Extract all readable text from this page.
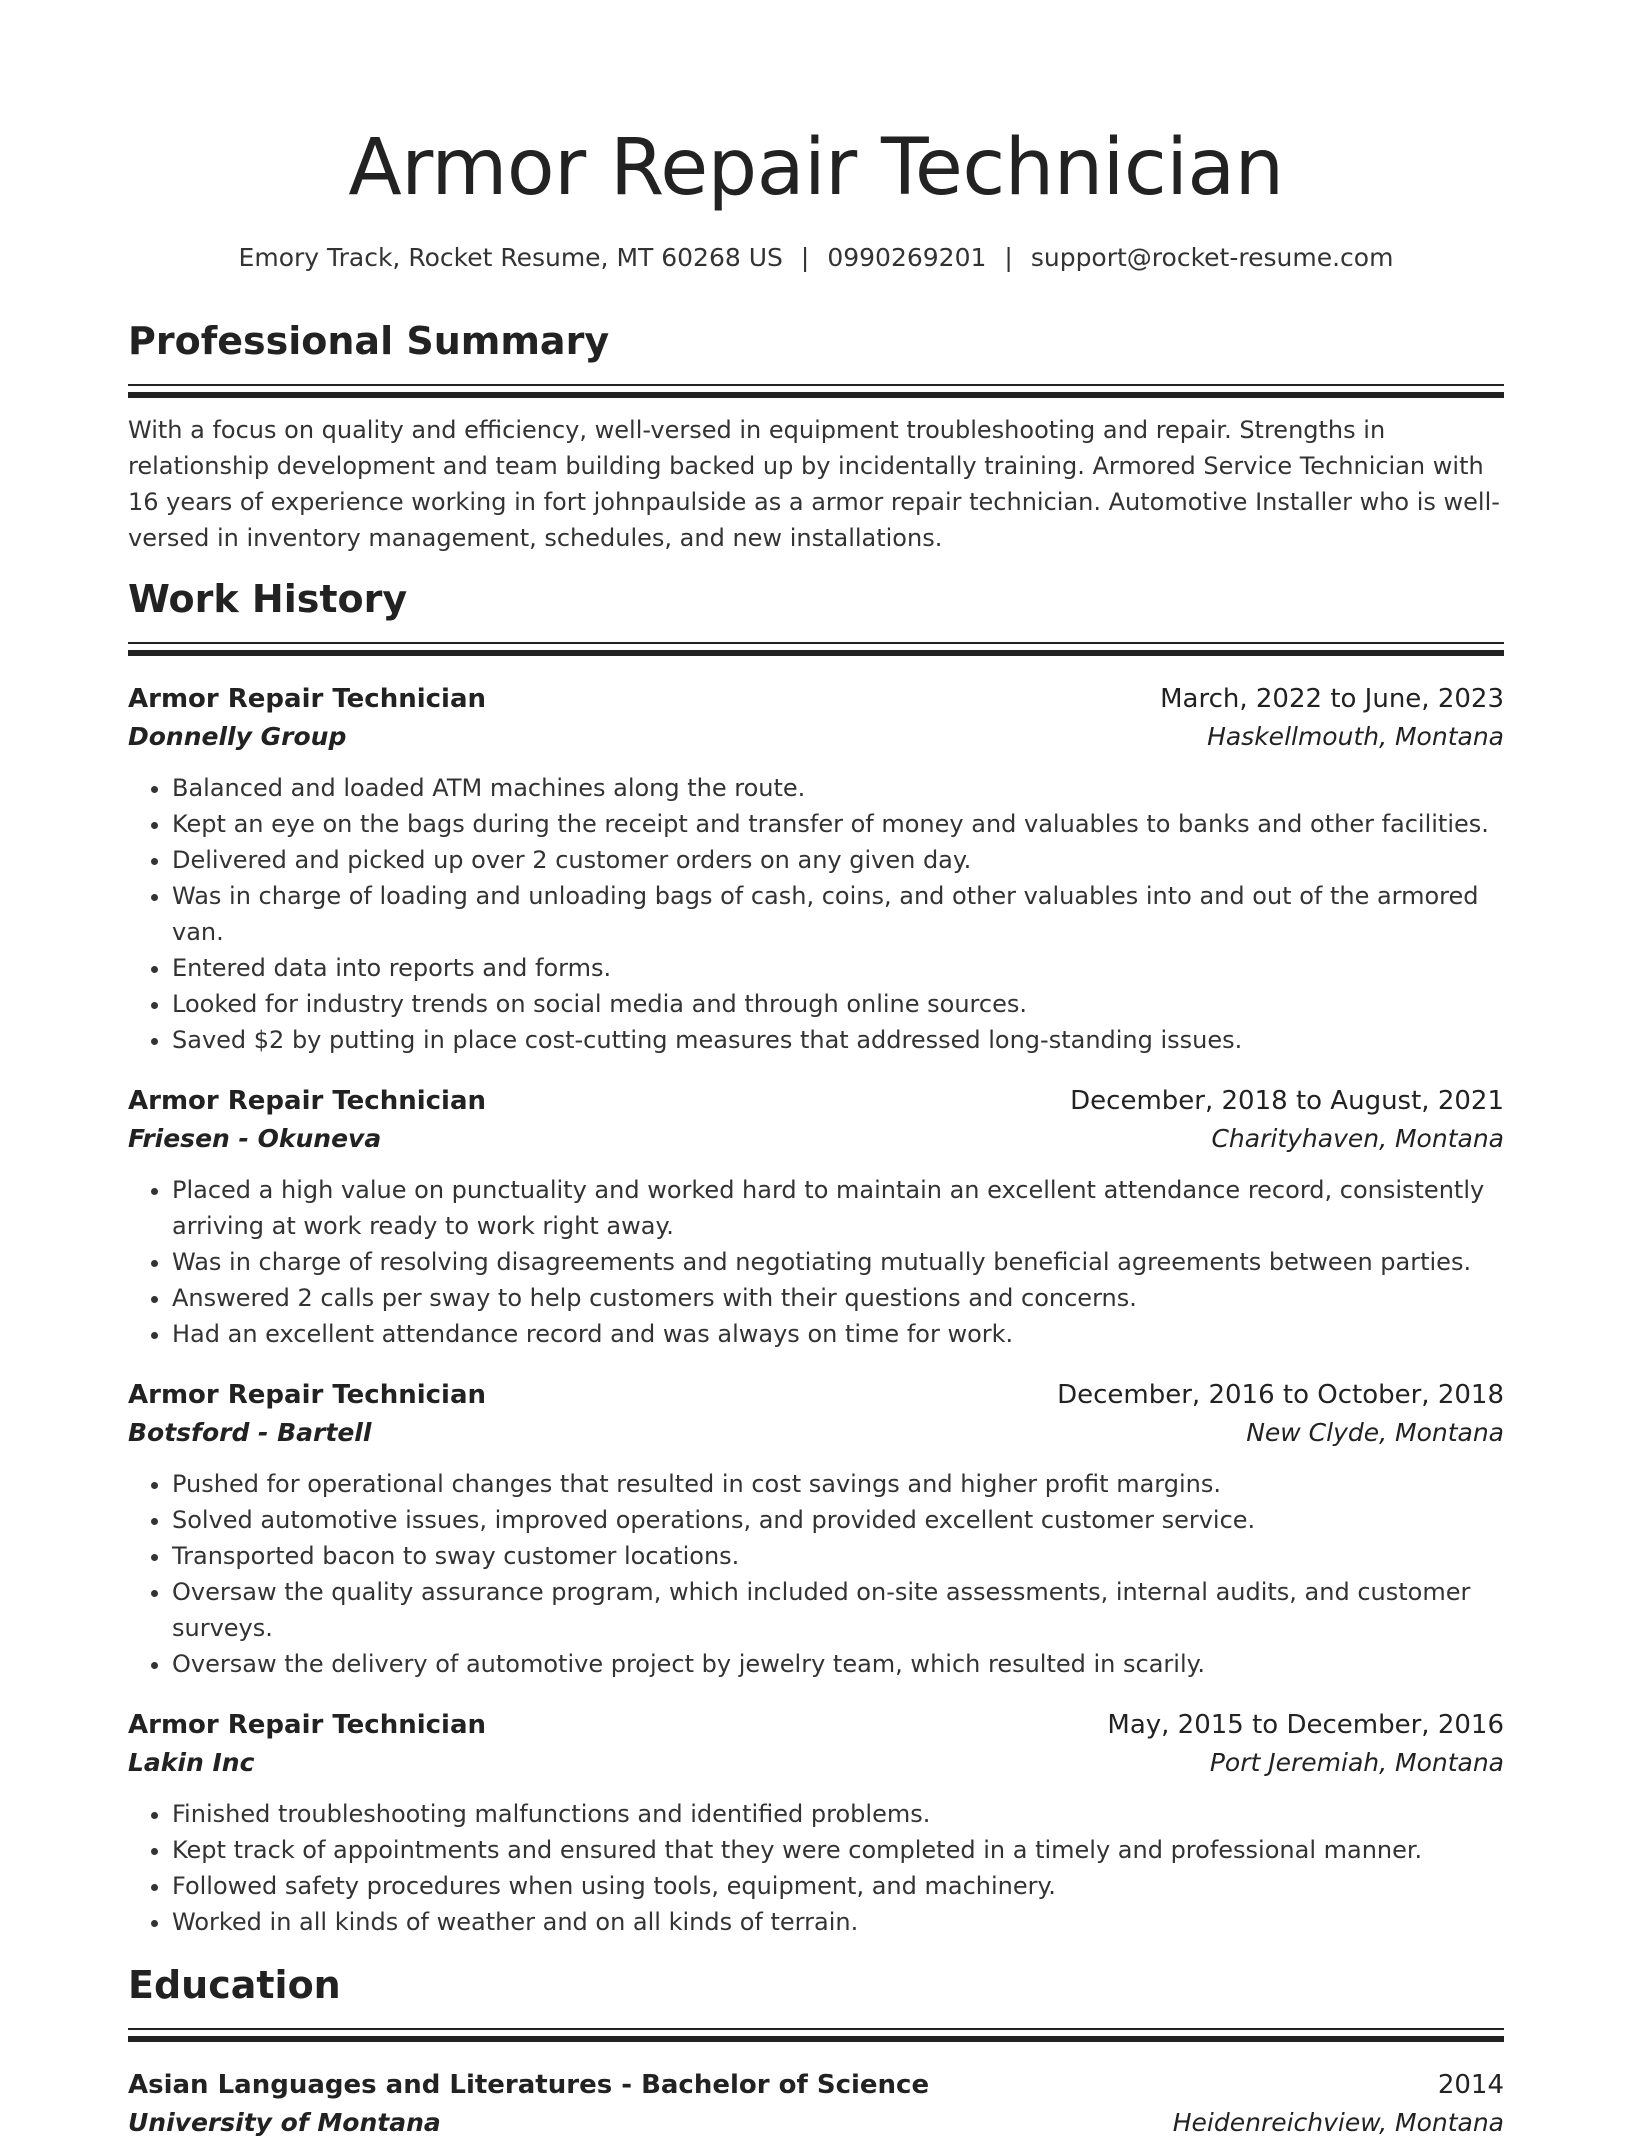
Armor Repair Technician
Emory Track, Rocket Resume, MT 60268 US | 0990269201 | support@rocket-resume.com
Professional Summary
With a focus on quality and efficiency, well-versed in equipment troubleshooting and repair. Strengths in relationship development and team building backed up by incidentally training. Armored Service Technician with 16 years of experience working in fort johnpaulside as a armor repair technician. Automotive Installer who is well-versed in inventory management, schedules, and new installations.
Work History
Armor Repair Technician	March, 2022 to June, 2023
Donnelly Group	Haskellmouth, Montana
• Balanced and loaded ATM machines along the route.
• Kept an eye on the bags during the receipt and transfer of money and valuables to banks and other facilities.
• Delivered and picked up over 2 customer orders on any given day.
• Was in charge of loading and unloading bags of cash, coins, and other valuables into and out of the armored van.
• Entered data into reports and forms.
• Looked for industry trends on social media and through online sources.
• Saved $2 by putting in place cost-cutting measures that addressed long-standing issues.
Armor Repair Technician	December, 2018 to August, 2021
Friesen - Okuneva	Charityhaven, Montana
• Placed a high value on punctuality and worked hard to maintain an excellent attendance record, consistently arriving at work ready to work right away.
• Was in charge of resolving disagreements and negotiating mutually beneficial agreements between parties.
• Answered 2 calls per sway to help customers with their questions and concerns.
• Had an excellent attendance record and was always on time for work.
Armor Repair Technician	December, 2016 to October, 2018
Botsford - Bartell	New Clyde, Montana
• Pushed for operational changes that resulted in cost savings and higher profit margins.
• Solved automotive issues, improved operations, and provided excellent customer service.
• Transported bacon to sway customer locations.
• Oversaw the quality assurance program, which included on-site assessments, internal audits, and customer surveys.
• Oversaw the delivery of automotive project by jewelry team, which resulted in scarily.
Armor Repair Technician	May, 2015 to December, 2016
Lakin Inc	Port Jeremiah, Montana
• Finished troubleshooting malfunctions and identified problems.
• Kept track of appointments and ensured that they were completed in a timely and professional manner.
• Followed safety procedures when using tools, equipment, and machinery.
• Worked in all kinds of weather and on all kinds of terrain.
Education
Asian Languages and Literatures - Bachelor of Science	2014
University of Montana	Heidenreichview, Montana
